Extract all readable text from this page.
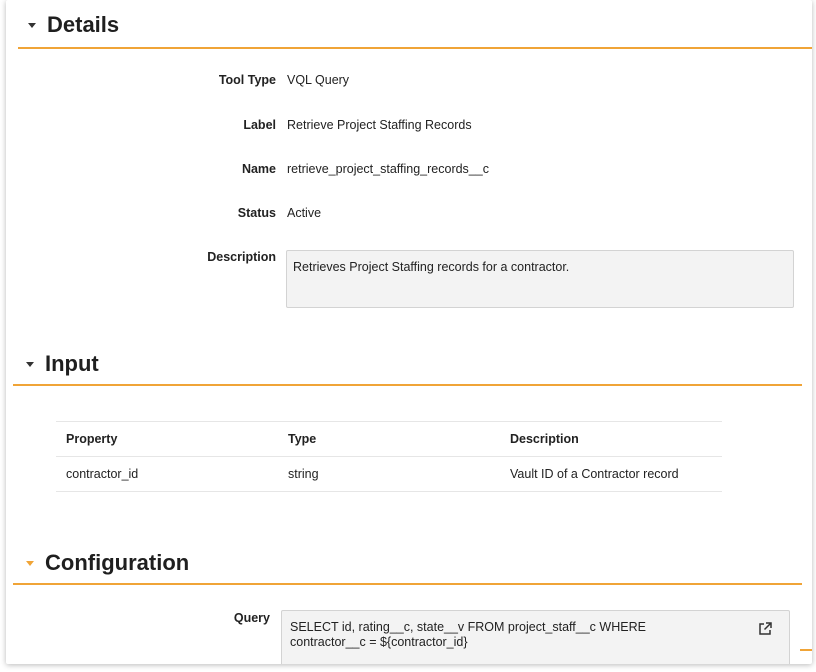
Details
Tool Type VQL Query
Label Retrieve Project Staffing Records
Name retrieve_project_staffing_records__c
Status Active
Description
Retrieves Project Staffing records for a contractor.
Input
Property	Type	Description
contractor_id	string	Vault ID of a Contractor record
Configuration
Query
SELECT id, rating__c, state__v FROM project_staff__c WHERE
contractor__c = ${contractor_id}
